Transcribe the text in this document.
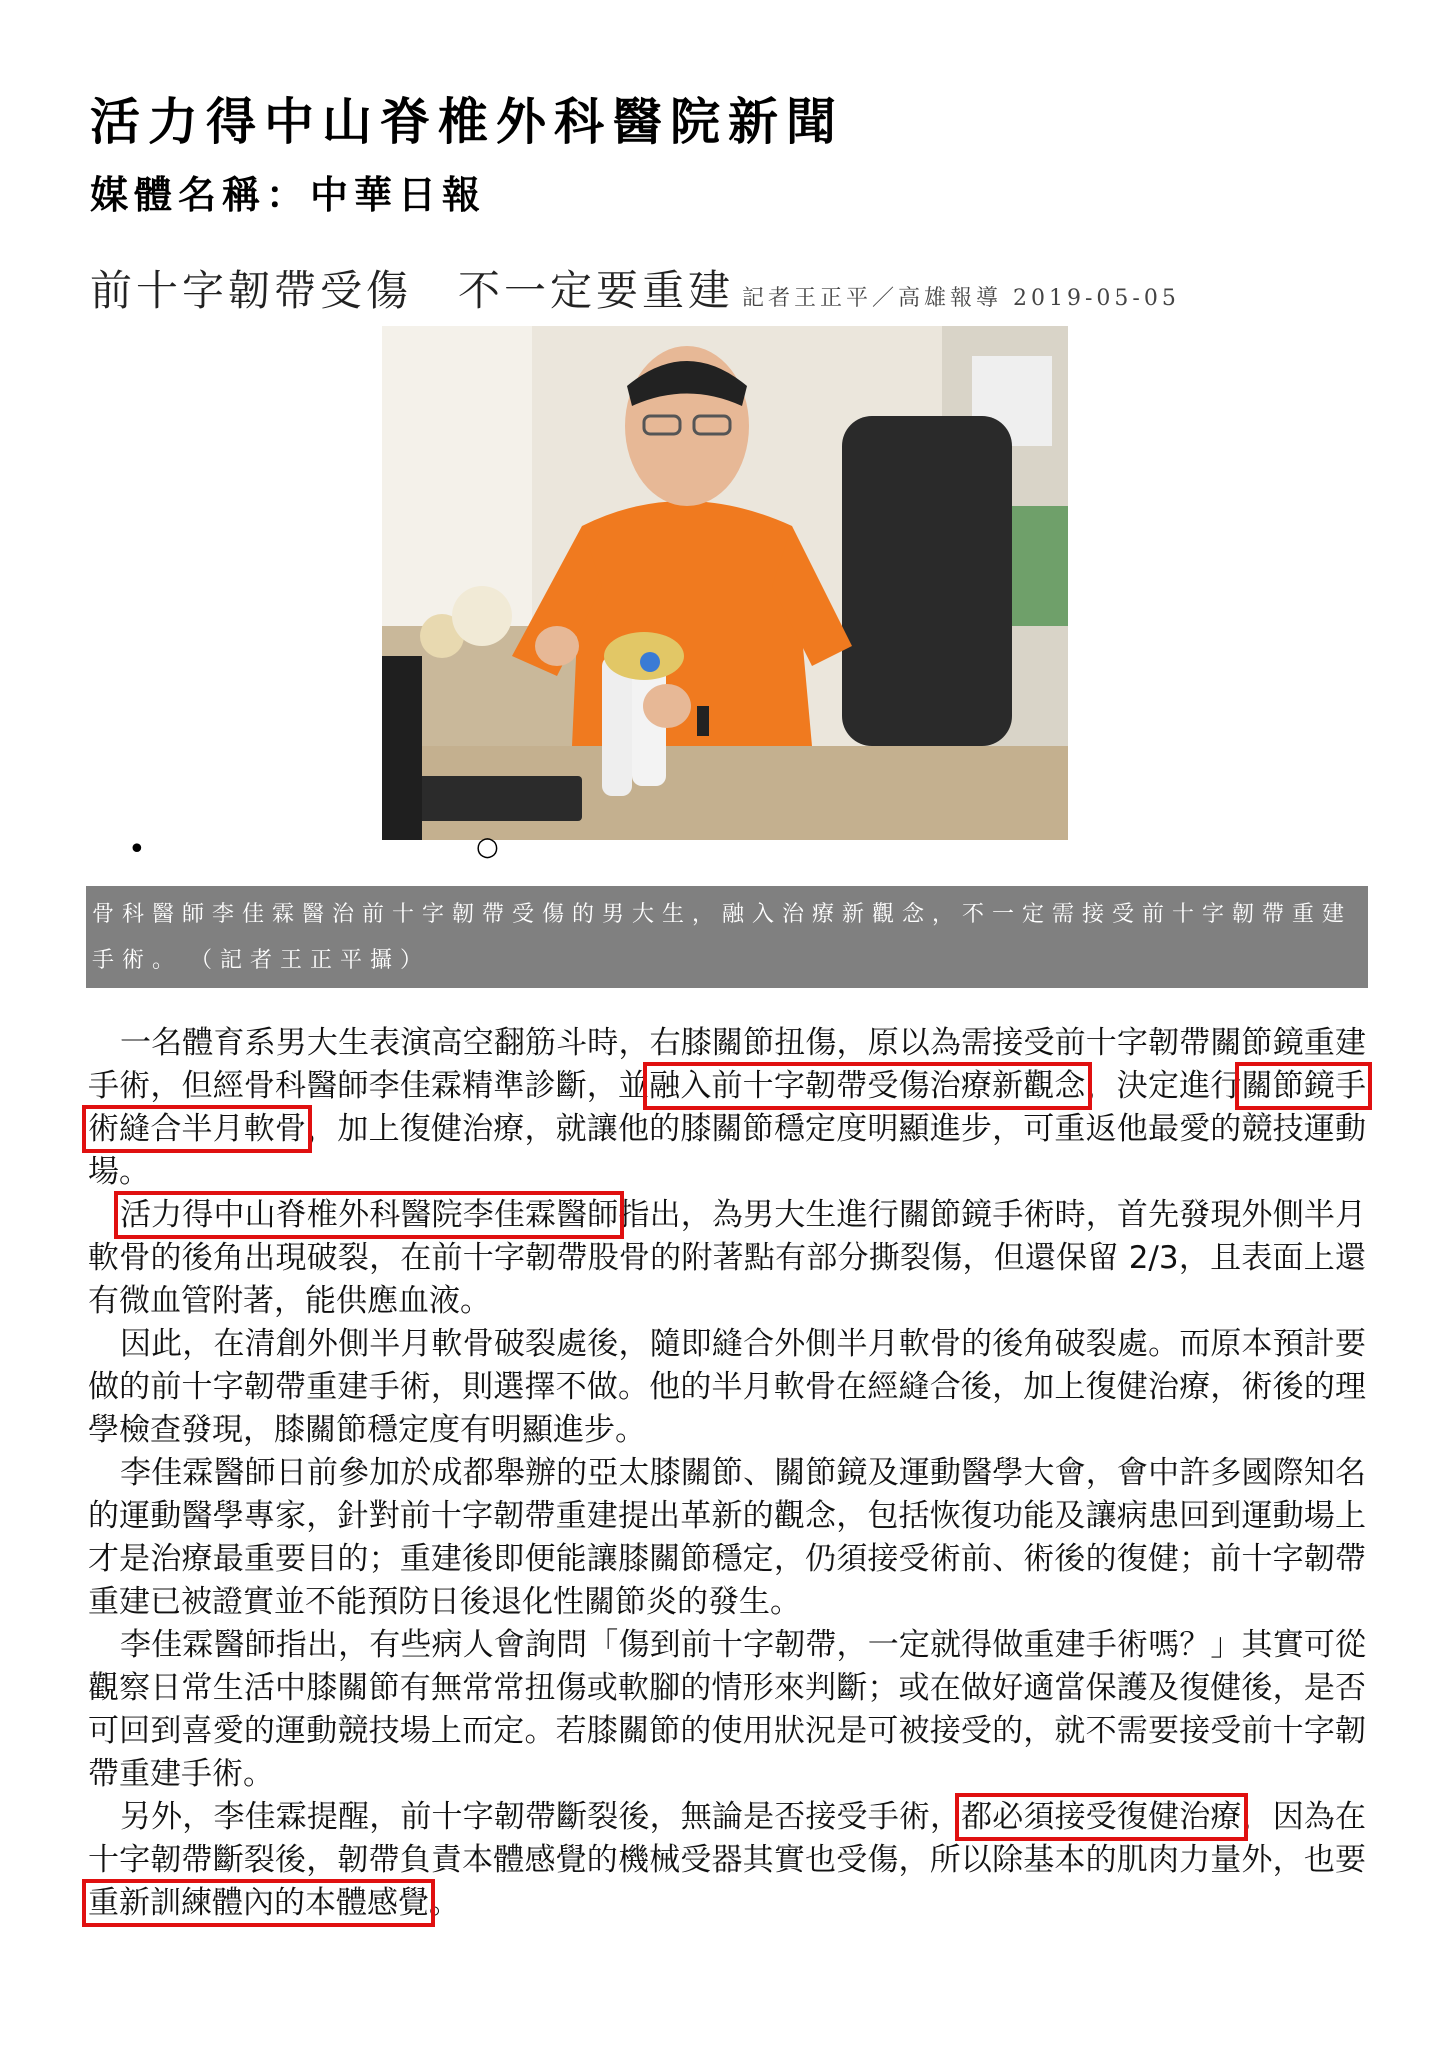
活力得中山脊椎外科醫院新聞
媒體名稱：中華日報
前十字韌帶受傷　不一定要重建 記者王正平／高雄報導 2019-05-05
•	○
骨科醫師李佳霖醫治前十字韌帶受傷的男大生，融入治療新觀念，不一定需接受前十字韌帶重建手術。　（記者王正平攝）

一名體育系男大生表演高空翻筋斗時，右膝關節扭傷，原以為需接受前十字韌帶關節鏡重建手術，但經骨科醫師李佳霖精準診斷，並融入前十字韌帶受傷治療新觀念，決定進行關節鏡手術縫合半月軟骨，加上復健治療，就讓他的膝關節穩定度明顯進步，可重返他最愛的競技運動場。

活力得中山脊椎外科醫院李佳霖醫師指出，為男大生進行關節鏡手術時，首先發現外側半月軟骨的後角出現破裂，在前十字韌帶股骨的附著點有部分撕裂傷，但還保留 2/3，且表面上還有微血管附著，能供應血液。

因此，在清創外側半月軟骨破裂處後，隨即縫合外側半月軟骨的後角破裂處。而原本預計要做的前十字韌帶重建手術，則選擇不做。他的半月軟骨在經縫合後，加上復健治療，術後的理學檢查發現，膝關節穩定度有明顯進步。

李佳霖醫師日前參加於成都舉辦的亞太膝關節、關節鏡及運動醫學大會，會中許多國際知名的運動醫學專家，針對前十字韌帶重建提出革新的觀念，包括恢復功能及讓病患回到運動場上才是治療最重要目的；重建後即便能讓膝關節穩定，仍須接受術前、術後的復健；前十字韌帶重建已被證實並不能預防日後退化性關節炎的發生。

李佳霖醫師指出，有些病人會詢問「傷到前十字韌帶，一定就得做重建手術嗎？」其實可從觀察日常生活中膝關節有無常常扭傷或軟腳的情形來判斷；或在做好適當保護及復健後，是否可回到喜愛的運動競技場上而定。若膝關節的使用狀況是可被接受的，就不需要接受前十字韌帶重建手術。

另外，李佳霖提醒，前十字韌帶斷裂後，無論是否接受手術，都必須接受復健治療，因為在十字韌帶斷裂後，韌帶負責本體感覺的機械受器其實也受傷，所以除基本的肌肉力量外，也要重新訓練體內的本體感覺。
